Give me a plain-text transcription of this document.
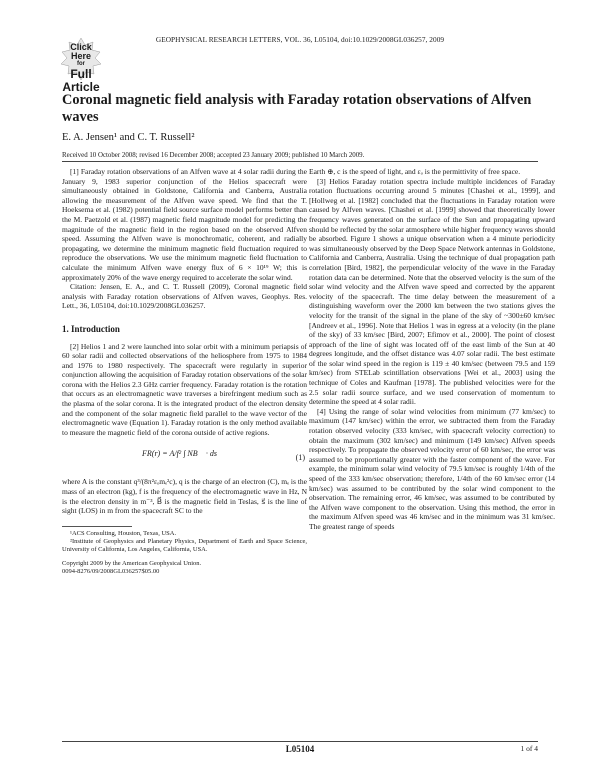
Click
Here
for
Full
Article
GEOPHYSICAL RESEARCH LETTERS, VOL. 36, L05104, doi:10.1029/2008GL036257, 2009
Coronal magnetic field analysis with Faraday rotation observations of Alfven waves
E. A. Jensen¹ and C. T. Russell²
Received 10 October 2008; revised 16 December 2008; accepted 23 January 2009; published 10 March 2009.

[1] Faraday rotation observations of an Alfven wave at 4 solar radii during the January 9, 1983 superior conjunction of the Helios spacecraft were simultaneously obtained in Goldstone, California and Canberra, Australia allowing the measurement of the Alfven wave speed. We find that the T. Hoeksema et al. (1982) potential field source surface model performs better than the M. Paetzold et al. (1987) magnetic field magnitude model for predicting the magnitude of the magnetic field in the region based on the observed Alfven speed. Assuming the Alfven wave is monochromatic, coherent, and radially propagating, we determine the minimum magnetic field fluctuation required to reproduce the observations. We use the minimum magnetic field fluctuation to calculate the minimum Alfven wave energy flux of 6 × 10¹⁹ W; this is approximately 20% of the wave energy required to accelerate the solar wind.

Citation: Jensen, E. A., and C. T. Russell (2009), Coronal magnetic field analysis with Faraday rotation observations of Alfven waves, Geophys. Res. Lett., 36, L05104, doi:10.1029/2008GL036257.

1. Introduction

[2] Helios 1 and 2 were launched into solar orbit with a minimum periapsis of 60 solar radii and collected observations of the heliosphere from 1975 to 1984 and 1976 to 1980 respectively. The spacecraft were regularly in superior conjunction allowing the acquisition of Faraday rotation observations of the solar corona with the Helios 2.3 GHz carrier frequency. Faraday rotation is the rotation that occurs as an electromagnetic wave traverses a birefringent medium such as the plasma of the solar corona. It is the integrated product of the electron density and the component of the solar magnetic field parallel to the wave vector of the electromagnetic wave (Equation 1). Faraday rotation is the only method available to measure the magnetic field of the corona outside of active regions.

FR(r) = A/f² ∫ NB⃗ · ds⃗	(1)

where A is the constant q³/(8π²εₒmₑ²c), q is the charge of an electron (C), mₑ is the mass of an electron (kg), f is the frequency of the electromagnetic wave in Hz, N is the electron density in m⁻³, B⃗ is the magnetic field in Teslas, s⃗ is the line of sight (LOS) in m from the spacecraft SC to the

¹ACS Consulting, Houston, Texas, USA.

²Institute of Geophysics and Planetary Physics, Department of Earth and Space Science, University of California, Los Angeles, California, USA.

Copyright 2009 by the American Geophysical Union.
0094-8276/09/2008GL036257$05.00

Earth ⊕, c is the speed of light, and εₒ is the permittivity of free space.

[3] Helios Faraday rotation spectra include multiple incidences of Faraday rotation fluctuations occurring around 5 minutes [Chashei et al., 1999], and [Hollweg et al. [1982] concluded that the fluctuations in Faraday rotation were caused by Alfven waves. [Chashei et al. [1999] showed that theoretically lower frequency waves generated on the surface of the Sun and propagating upward should be reflected by the solar atmosphere while higher frequency waves should be absorbed. Figure 1 shows a unique observation when a 4 minute periodicity was simultaneously observed by the Deep Space Network antennas in Goldstone, California and Canberra, Australia. Using the technique of dual propagation path correlation [Bird, 1982], the perpendicular velocity of the wave in the Faraday rotation data can be determined. Note that the observed velocity is the sum of the solar wind velocity and the Alfven wave speed and corrected by the apparent velocity of the spacecraft. The time delay between the measurement of a distinguishing waveform over the 2000 km between the two stations gives the velocity for the transit of the signal in the plane of the sky of ~300±60 km/sec [Andreev et al., 1996]. Note that Helios 1 was in egress at a velocity (in the plane of the sky) of 33 km/sec [Bird, 2007; Efimov et al., 2000]. The point of closest approach of the line of sight was located off of the east limb of the Sun at 40 degrees longitude, and the offset distance was 4.07 solar radii. The best estimate of the solar wind speed in the region is 119 ± 40 km/sec (between 79.5 and 159 km/sec) from STELab scintillation observations [Wei et al., 2003] using the technique of Coles and Kaufman [1978]. The published velocities were for the 2.5 solar radii source surface, and we used conservation of momentum to determine the speed at 4 solar radii.

[4] Using the range of solar wind velocities from minimum (77 km/sec) to maximum (147 km/sec) within the error, we subtracted them from the Faraday rotation observed velocity (333 km/sec, with spacecraft velocity correction) to obtain the maximum (302 km/sec) and minimum (149 km/sec) Alfven speeds respectively. To propagate the observed velocity error of 60 km/sec, the error was assumed to be proportionally greater with the faster component of the wave. For example, the minimum solar wind velocity of 79.5 km/sec is roughly 1/4th of the speed of the 333 km/sec observation; therefore, 1/4th of the 60 km/sec error (14 km/sec) was assumed to be contributed by the solar wind component to the observation. The remaining error, 46 km/sec, was assumed to be contributed by the Alfven wave component to the observation. Using this method, the error in the maximum Alfven speed was 46 km/sec and in the minimum was 31 km/sec. The greatest range of speeds

L05104	1 of 4
